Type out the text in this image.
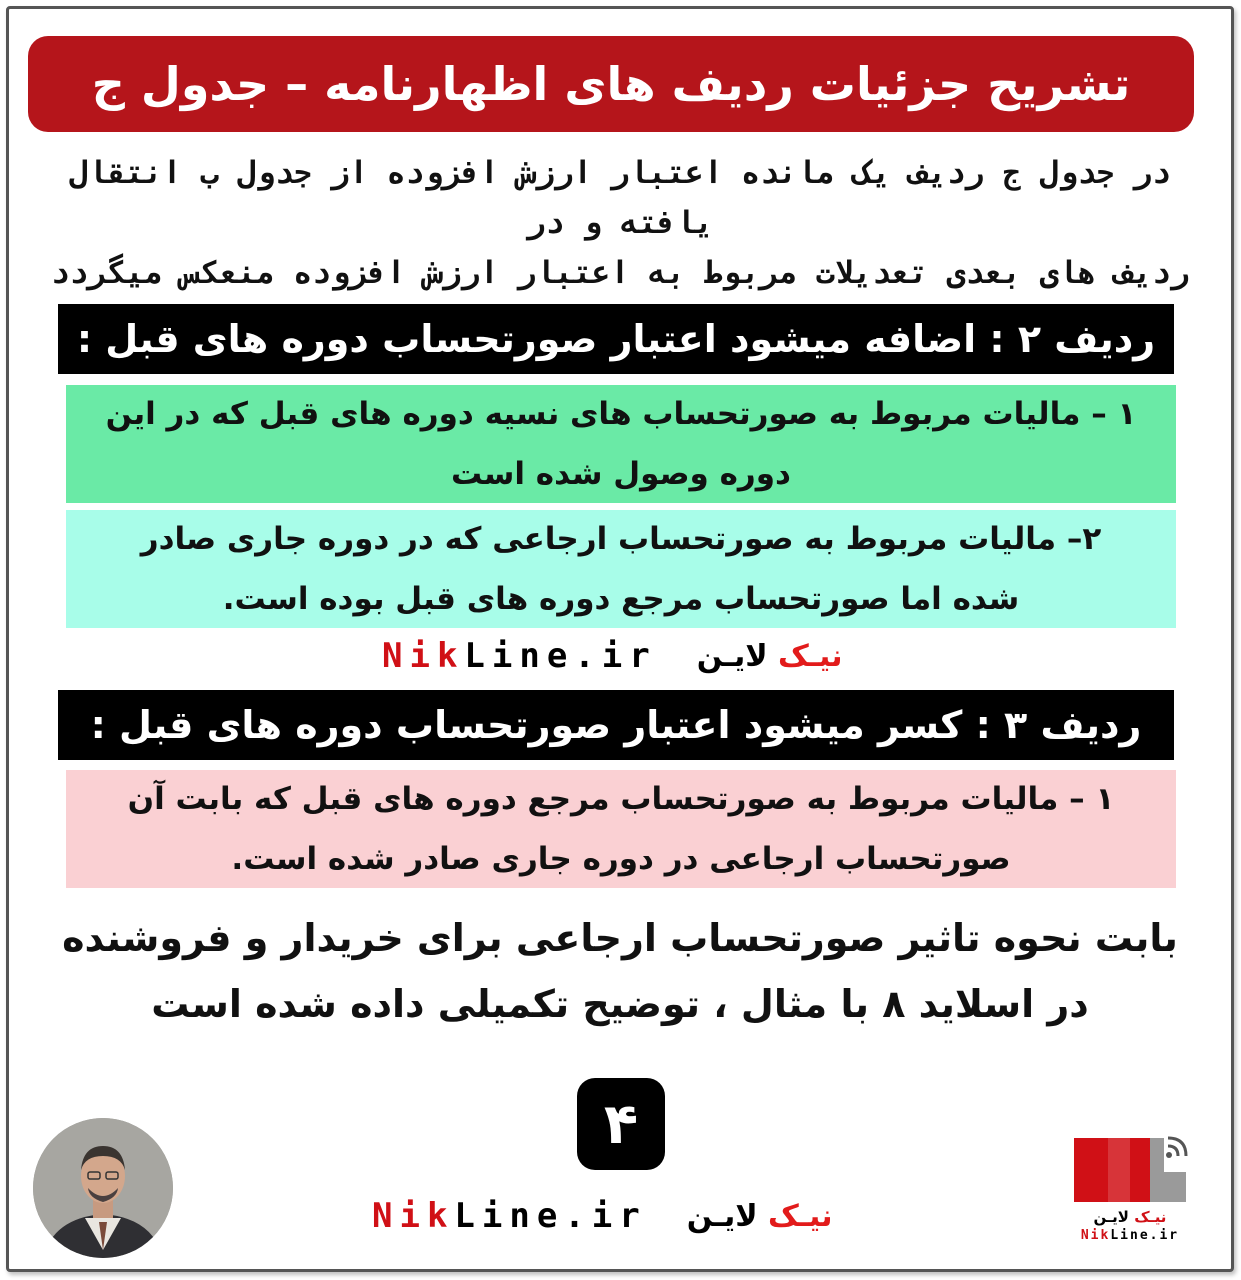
تشریح جزئیات ردیف های اظهارنامه – جدول ج
در جدول ج ردیف یک مانده اعتبار ارزش افزوده از جدول ب انتقال یافته و در
ردیف های بعدی تعدیلات مربوط به اعتبار ارزش افزوده منعکس میگردد
ردیف ۲ : اضافه میشود اعتبار صورتحساب دوره های قبل :
۱ – مالیات مربوط به صورتحساب های نسیه دوره های قبل که در این
دوره وصول شده است
۲– مالیات مربوط به صورتحساب ارجاعی که در دوره جاری صادر
شده اما صورتحساب مرجع دوره های قبل بوده است.
NikLine.ir	نیـک لایـن
ردیف ۳ : کسر میشود اعتبار صورتحساب دوره های قبل :
۱ – مالیات مربوط به صورتحساب مرجع دوره های قبل که بابت آن
صورتحساب ارجاعی در دوره جاری صادر شده است.
بابت نحوه تاثیر صورتحساب ارجاعی برای خریدار و فروشنده
در اسلاید ۸ با مثال ، توضیح تکمیلی داده شده است
۴
NikLine.ir	نیـک لایـن	نیـک لایـن
NikLine.ir
